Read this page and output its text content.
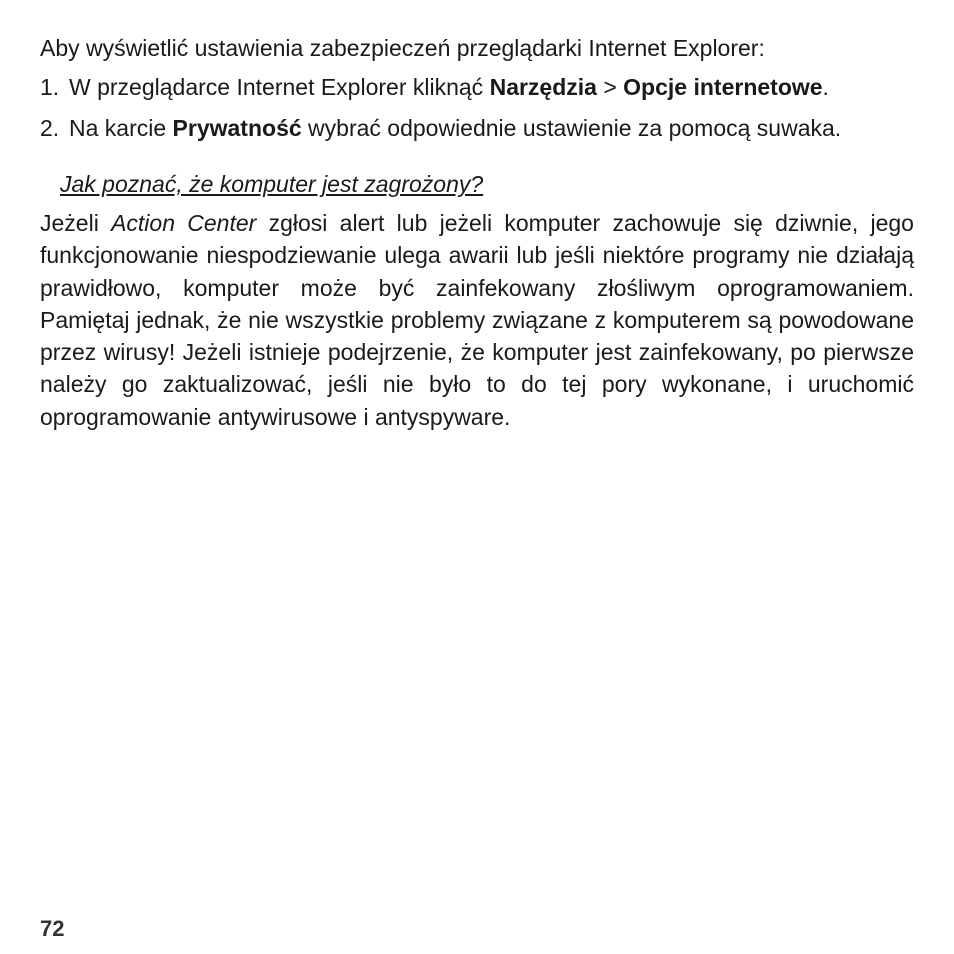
Aby wyświetlić ustawienia zabezpieczeń przeglądarki Internet Explorer:

1. W przeglądarce Internet Explorer kliknąć Narzędzia > Opcje internetowe.
2. Na karcie Prywatność wybrać odpowiednie ustawienie za pomocą suwaka.
Jak poznać, że komputer jest zagrożony?

Jeżeli Action Center zgłosi alert lub jeżeli komputer zachowuje się dziwnie, jego funkcjonowanie niespodziewanie ulega awarii lub jeśli niektóre programy nie działają prawidłowo, komputer może być zainfekowany złośliwym oprogramowaniem. Pamiętaj jednak, że nie wszystkie problemy związane z komputerem są powodowane przez wirusy! Jeżeli istnieje podejrzenie, że komputer jest zainfekowany, po pierwsze należy go zaktualizować, jeśli nie było to do tej pory wykonane, i uruchomić oprogramowanie antywirusowe i antyspyware.

72
